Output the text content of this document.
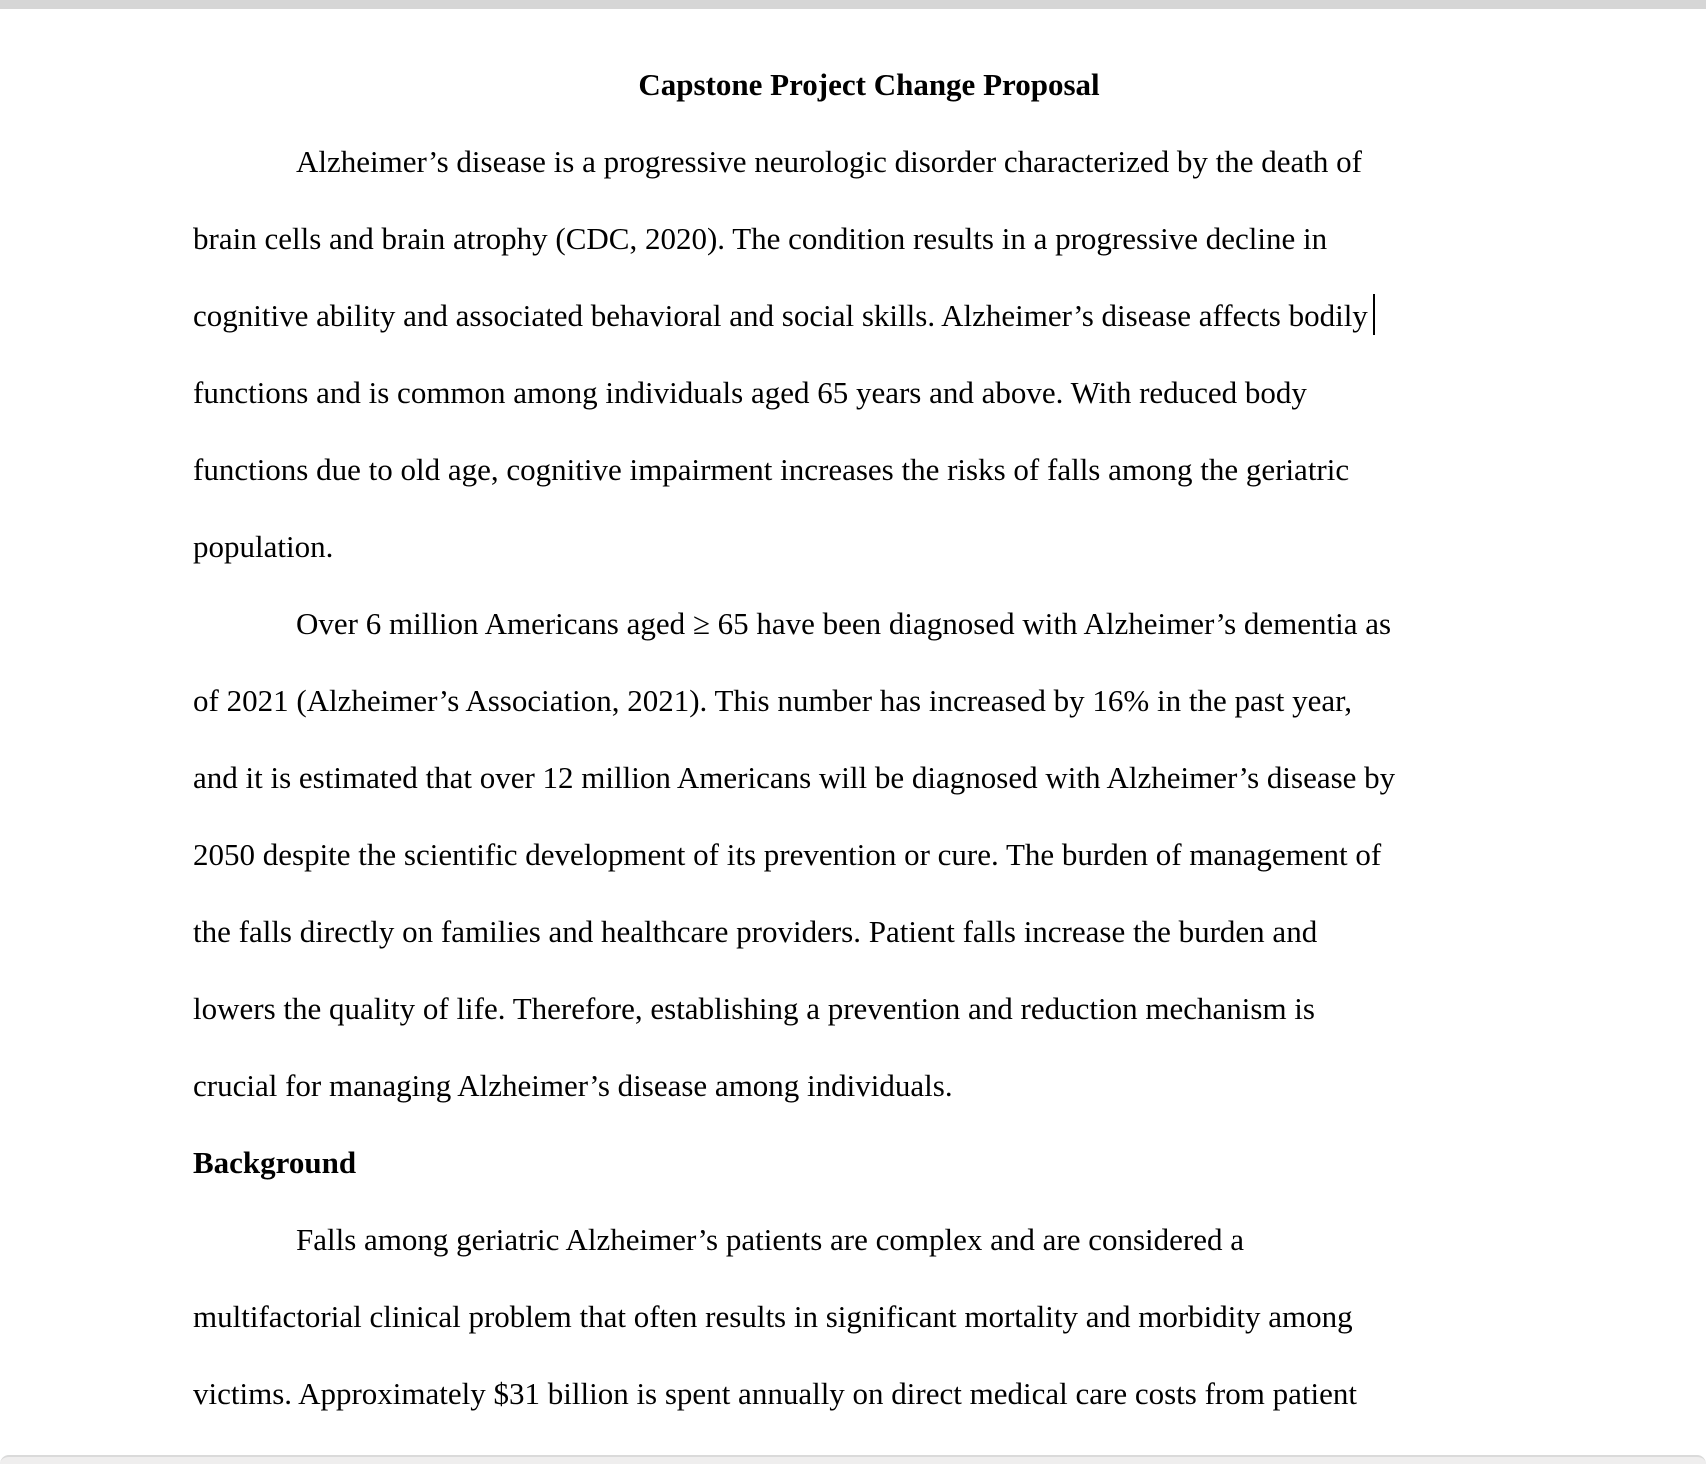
Capstone Project Change Proposal
Alzheimer’s disease is a progressive neurologic disorder characterized by the death of
brain cells and brain atrophy (CDC, 2020). The condition results in a progressive decline in
cognitive ability and associated behavioral and social skills. Alzheimer’s disease affects bodily
functions and is common among individuals aged 65 years and above. With reduced body
functions due to old age, cognitive impairment increases the risks of falls among the geriatric
population.
Over 6 million Americans aged ≥ 65 have been diagnosed with Alzheimer’s dementia as
of 2021 (Alzheimer’s Association, 2021). This number has increased by 16% in the past year,
and it is estimated that over 12 million Americans will be diagnosed with Alzheimer’s disease by
2050 despite the scientific development of its prevention or cure. The burden of management of
the falls directly on families and healthcare providers. Patient falls increase the burden and
lowers the quality of life. Therefore, establishing a prevention and reduction mechanism is
crucial for managing Alzheimer’s disease among individuals.
Background
Falls among geriatric Alzheimer’s patients are complex and are considered a
multifactorial clinical problem that often results in significant mortality and morbidity among
victims. Approximately $31 billion is spent annually on direct medical care costs from patient
